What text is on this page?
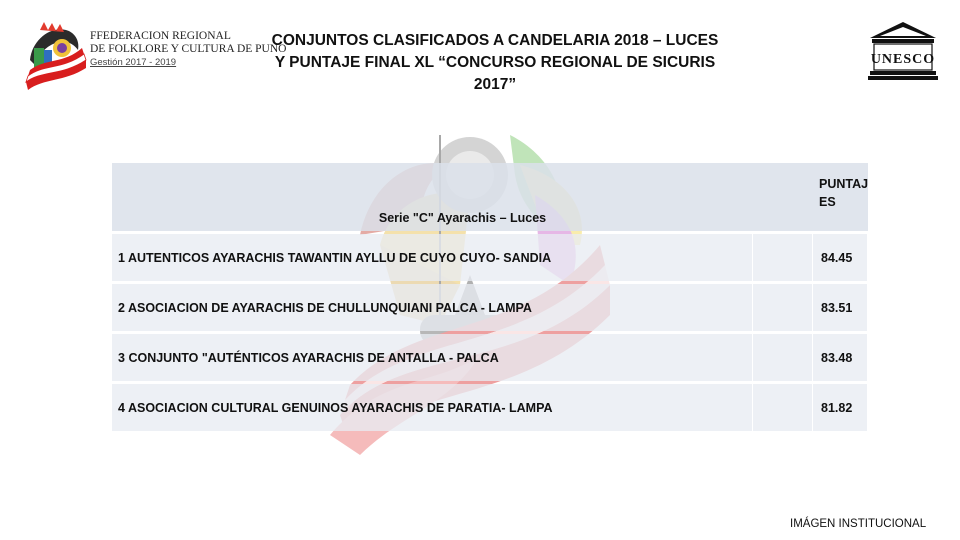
FFEDERACION REGIONAL
DE FOLKLORE Y CULTURA DE PUNO
Gestión 2017 - 2019
CONJUNTOS CLASIFICADOS A CANDELARIA 2018 – LUCES
Y PUNTAJE FINAL XL “CONCURSO REGIONAL DE SICURIS
2017”
UNESCO
Serie "C" Ayarachis – Luces		PUNTAJ
ES

1 AUTENTICOS AYARACHIS TAWANTIN AYLLU DE CUYO CUYO- SANDIA		84.45
2 ASOCIACION DE AYARACHIS DE CHULLUNQUIANI PALCA - LAMPA		83.51
3 CONJUNTO "AUTÉNTICOS AYARACHIS DE ANTALLA - PALCA		83.48
4 ASOCIACION CULTURAL GENUINOS AYARACHIS DE PARATIA- LAMPA		81.82
IMÁGEN INSTITUCIONAL
